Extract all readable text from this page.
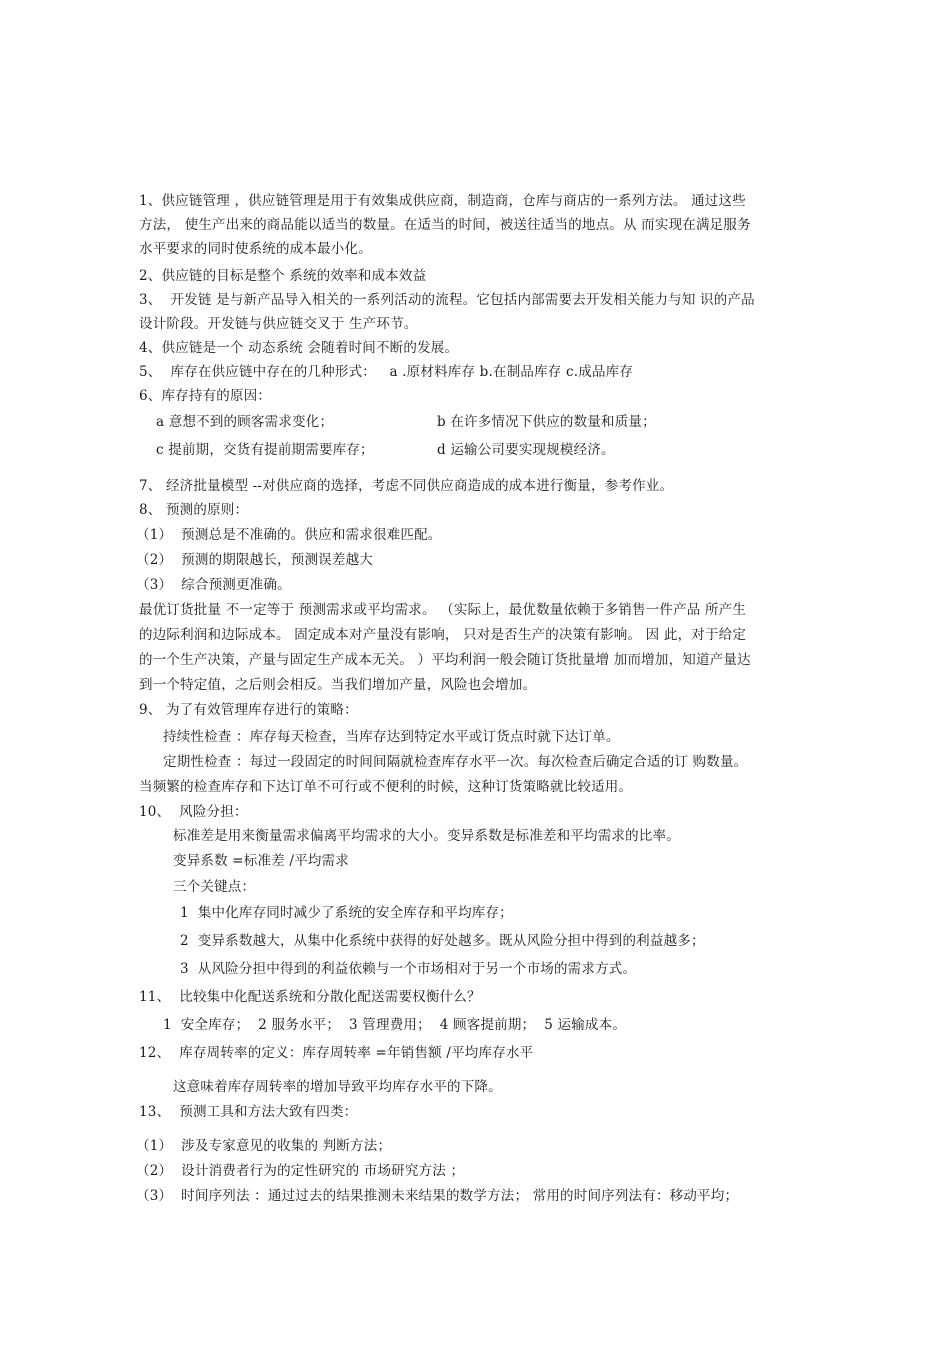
1、供应链管理 ，供应链管理是用于有效集成供应商，制造商，仓库与商店的一系列方法。 通过这些
方法， 使生产出来的商品能以适当的数量。在适当的时间，被送往适当的地点。从 而实现在满足服务
水平要求的同时使系统的成本最小化。
2、供应链的目标是整个 系统的效率和成本效益
3、  开发链 是与新产品导入相关的一系列活动的流程。它包括内部需要去开发相关能力与知 识的产品
设计阶段。开发链与供应链交叉于 生产环节。
4、供应链是一个 动态系统 会随着时间不断的发展。
5、  库存在供应链中存在的几种形式：   a .原材料库存 b.在制品库存 c.成品库存
6、库存持有的原因：
a 意想不到的顾客需求变化；	b 在许多情况下供应的数量和质量；
c 提前期，交货有提前期需要库存；	d 运输公司要实现规模经济。
7、 经济批量模型 --对供应商的选择，考虑不同供应商造成的成本进行衡量，参考作业。
8、 预测的原则：
（1）  预测总是不准确的。供应和需求很难匹配。
（2）  预测的期限越长，预测误差越大
（3）  综合预测更准确。
最优订货批量 不一定等于 预测需求或平均需求。 （实际上，最优数量依赖于多销售一件产品 所产生
的边际利润和边际成本。 固定成本对产量没有影响， 只对是否生产的决策有影响。 因 此，对于给定
的一个生产决策，产量与固定生产成本无关。 ）平均利润一般会随订货批量增 加而增加，知道产量达
到一个特定值，之后则会相反。当我们增加产量，风险也会增加。
9、 为了有效管理库存进行的策略：
持续性检查 ：库存每天检查，当库存达到特定水平或订货点时就下达订单。
定期性检查 ：每过一段固定的时间间隔就检查库存水平一次。每次检查后确定合适的订 购数量。
当频繁的检查库存和下达订单不可行或不便利的时候，这种订货策略就比较适用。
10、  风险分担：
标准差是用来衡量需求偏离平均需求的大小。变异系数是标准差和平均需求的比率。
变异系数 =标准差 /平均需求
三个关键点：
1  集中化库存同时减少了系统的安全库存和平均库存；
2  变异系数越大，从集中化系统中获得的好处越多。既从风险分担中得到的利益越多；
3  从风险分担中得到的利益依赖与一个市场相对于另一个市场的需求方式。
11、  比较集中化配送系统和分散化配送需要权衡什么？
1  安全库存；  2 服务水平；  3 管理费用；  4 顾客提前期；  5 运输成本。
12、  库存周转率的定义：库存周转率 =年销售额 /平均库存水平
这意味着库存周转率的增加导致平均库存水平的下降。
13、  预测工具和方法大致有四类：
（1）  涉及专家意见的收集的 判断方法；
（2）  设计消费者行为的定性研究的 市场研究方法 ；
（3）  时间序列法 ：通过过去的结果推测未来结果的数学方法； 常用的时间序列法有：移动平均；
